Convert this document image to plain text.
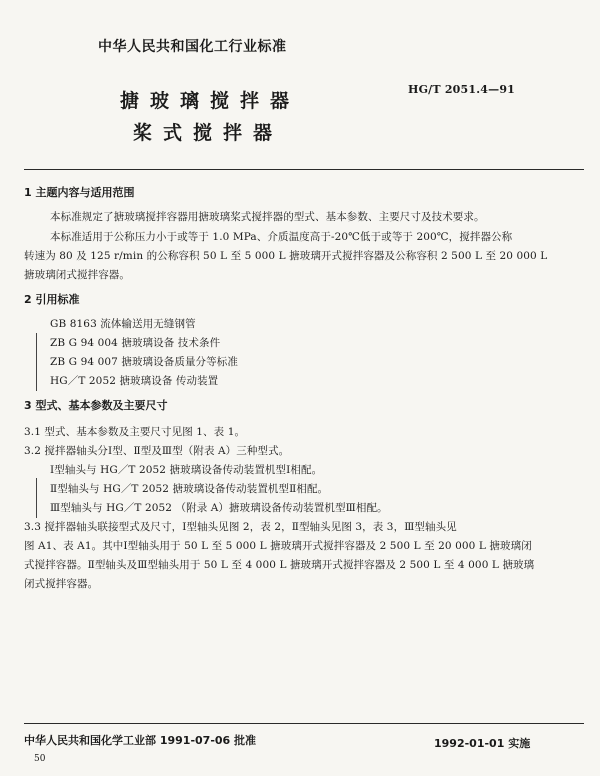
中华人民共和国化工行业标准
搪玻璃搅拌器
HG/T 2051.4—91
桨式搅拌器
1 主题内容与适用范围
本标准规定了搪玻璃搅拌容器用搪玻璃桨式搅拌器的型式、基本参数、主要尺寸及技术要求。
本标准适用于公称压力小于或等于 1.0 MPa、介质温度高于-20℃低于或等于 200℃，搅拌器公称
转速为 80 及 125 r/min 的公称容积 50 L 至 5 000 L 搪玻璃开式搅拌容器及公称容积 2 500 L 至 20 000 L
搪玻璃闭式搅拌容器。
2 引用标准
GB 8163 流体输送用无缝钢管
ZB G 94 004 搪玻璃设备 技术条件
ZB G 94 007 搪玻璃设备质量分等标准
HG／T 2052 搪玻璃设备 传动装置
3 型式、基本参数及主要尺寸
3.1 型式、基本参数及主要尺寸见图 1、表 1。
3.2 搅拌器轴头分Ⅰ型、Ⅱ型及Ⅲ型（附表 A）三种型式。
Ⅰ型轴头与 HG／T 2052 搪玻璃设备传动装置机型Ⅰ相配。
Ⅱ型轴头与 HG／T 2052 搪玻璃设备传动装置机型Ⅱ相配。
Ⅲ型轴头与 HG／T 2052 （附录 A）搪玻璃设备传动装置机型Ⅲ相配。
3.3 搅拌器轴头联接型式及尺寸，Ⅰ型轴头见图 2，表 2，Ⅱ型轴头见图 3，表 3，Ⅲ型轴头见
图 A1、表 A1。其中Ⅰ型轴头用于 50 L 至 5 000 L 搪玻璃开式搅拌容器及 2 500 L 至 20 000 L 搪玻璃闭
式搅拌容器。Ⅱ型轴头及Ⅲ型轴头用于 50 L 至 4 000 L 搪玻璃开式搅拌容器及 2 500 L 至 4 000 L 搪玻璃
闭式搅拌容器。
中华人民共和国化学工业部 1991-07-06 批准	1992-01-01 实施
50
